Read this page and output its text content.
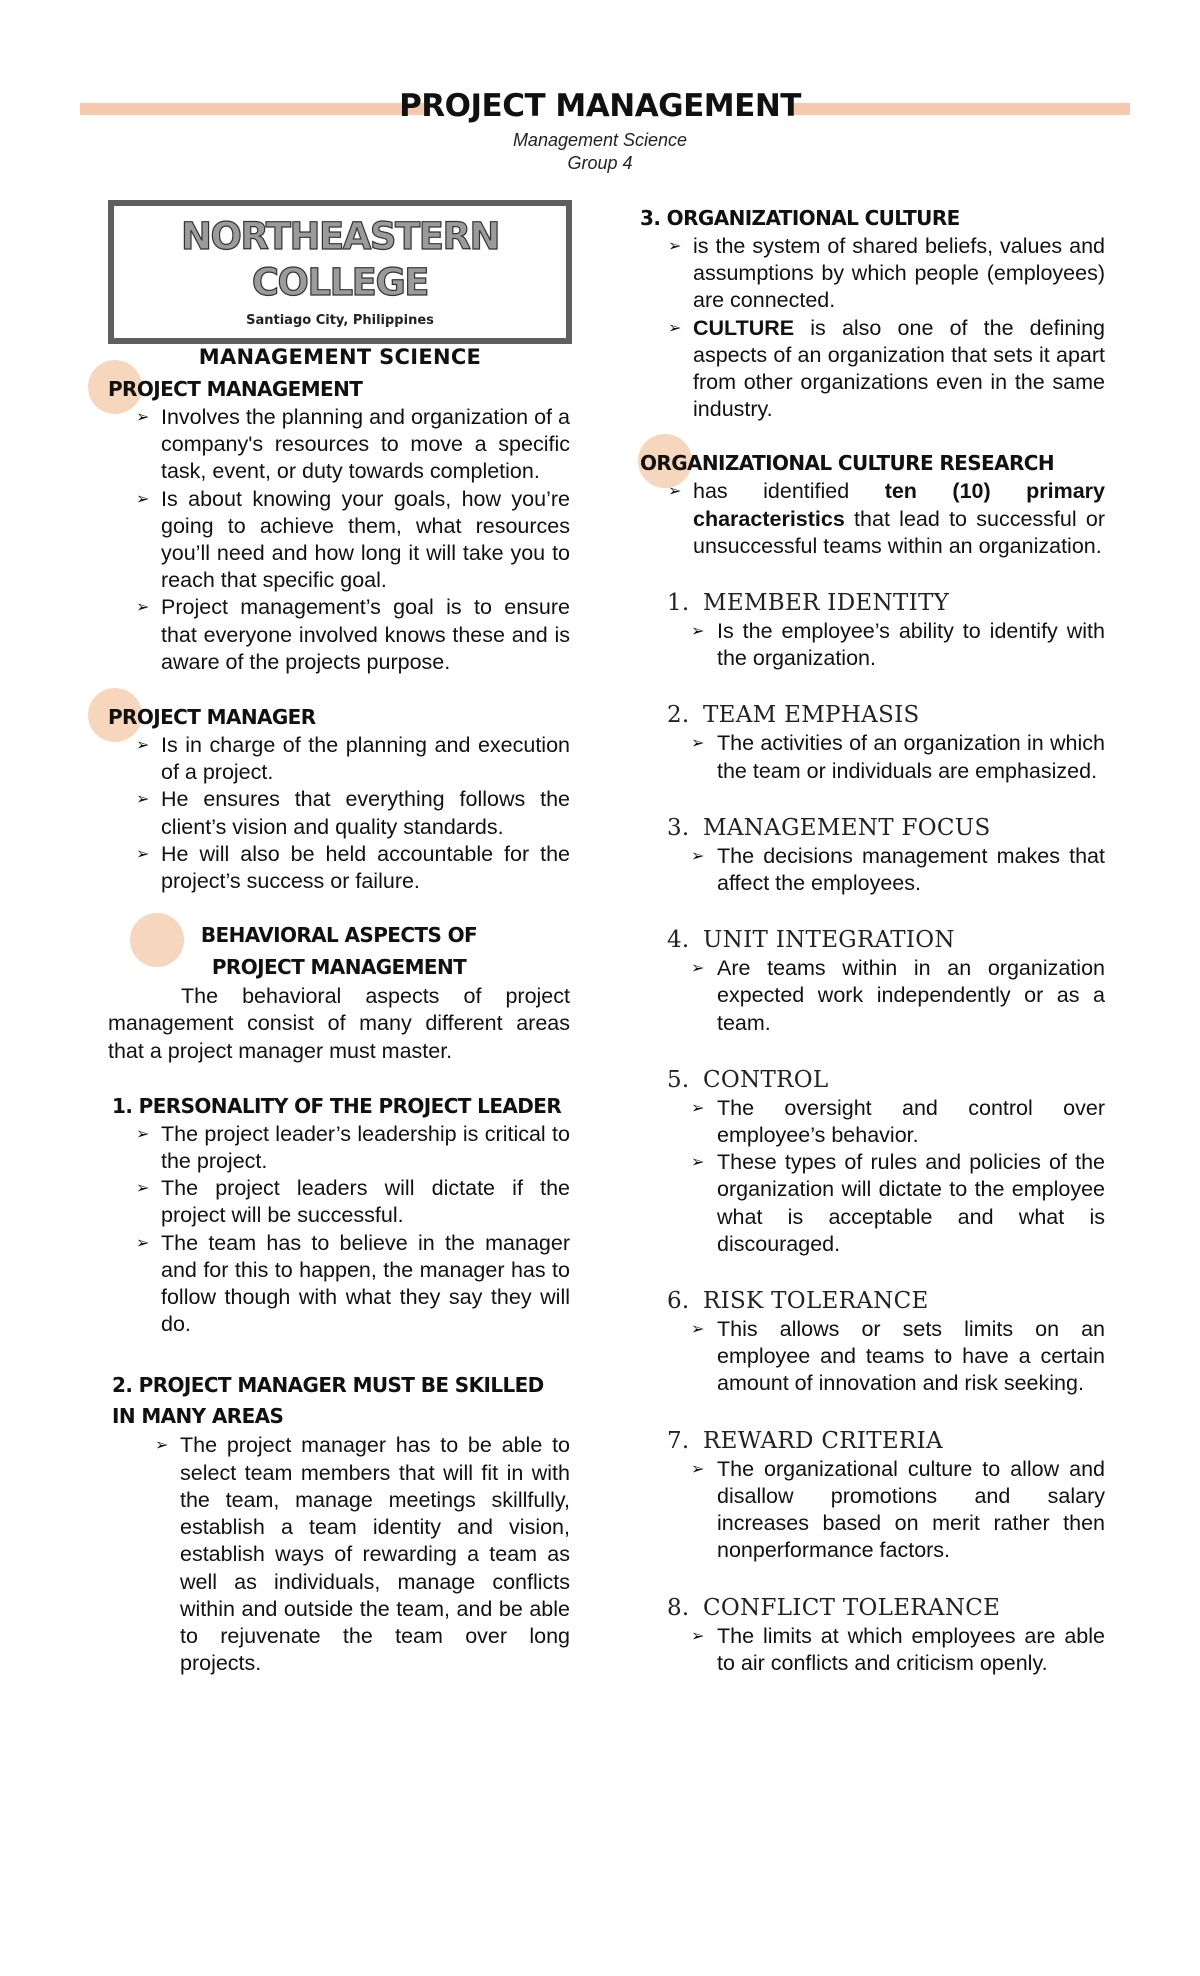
PROJECT MANAGEMENT
Management Science
Group 4
NORTHEASTERN COLLEGE
Santiago City, Philippines
MANAGEMENT SCIENCE
PROJECT MANAGEMENT
➢ Involves the planning and organization of a company's resources to move a specific task, event, or duty towards completion.
➢ Is about knowing your goals, how you’re going to achieve them, what resources you’ll need and how long it will take you to reach that specific goal.
➢ Project management’s goal is to ensure that everyone involved knows these and is aware of the projects purpose.
PROJECT MANAGER
➢ Is in charge of the planning and execution of a project.
➢ He ensures that everything follows the client’s vision and quality standards.
➢ He will also be held accountable for the project’s success or failure.
BEHAVIORAL ASPECTS OF PROJECT MANAGEMENT

The behavioral aspects of project management consist of many different areas that a project manager must master.

1. PERSONALITY OF THE PROJECT LEADER
➢ The project leader’s leadership is critical to the project.
➢ The project leaders will dictate if the project will be successful.
➢ The team has to believe in the manager and for this to happen, the manager has to follow though with what they say they will do.
2. PROJECT MANAGER MUST BE SKILLED IN MANY AREAS
➢ The project manager has to be able to select team members that will fit in with the team, manage meetings skillfully, establish a team identity and vision, establish ways of rewarding a team as well as individuals, manage conflicts within and outside the team, and be able to rejuvenate the team over long projects.
3. ORGANIZATIONAL CULTURE
➢ is the system of shared beliefs, values and assumptions by which people (employees) are connected.
➢ CULTURE is also one of the defining aspects of an organization that sets it apart from other organizations even in the same industry.
ORGANIZATIONAL CULTURE RESEARCH
➢ has identified ten (10) primary characteristics that lead to successful or unsuccessful teams within an organization.
1. MEMBER IDENTITY
➢ Is the employee’s ability to identify with the organization.
2. TEAM EMPHASIS
➢ The activities of an organization in which the team or individuals are emphasized.
3. MANAGEMENT FOCUS
➢ The decisions management makes that affect the employees.
4. UNIT INTEGRATION
➢ Are teams within in an organization expected work independently or as a team.
5. CONTROL
➢ The oversight and control over employee’s behavior.
➢ These types of rules and policies of the organization will dictate to the employee what is acceptable and what is discouraged.
6. RISK TOLERANCE
➢ This allows or sets limits on an employee and teams to have a certain amount of innovation and risk seeking.
7. REWARD CRITERIA
➢ The organizational culture to allow and disallow promotions and salary increases based on merit rather then nonperformance factors.
8. CONFLICT TOLERANCE
➢ The limits at which employees are able to air conflicts and criticism openly.
